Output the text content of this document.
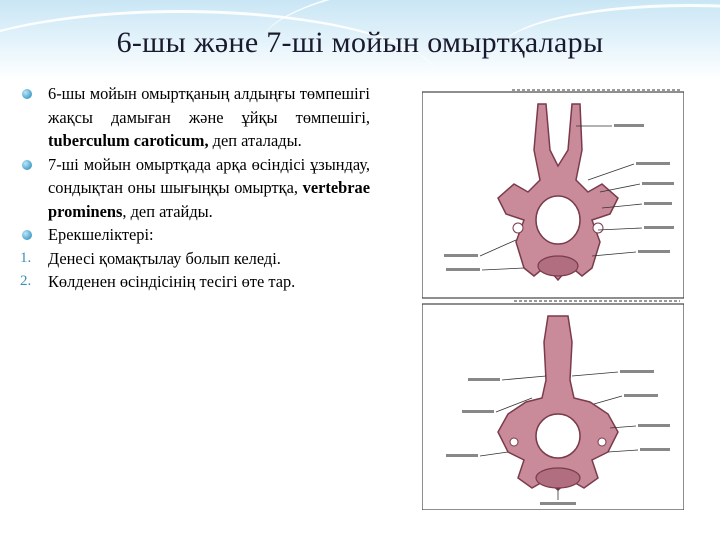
6-шы және 7-ші мойын омыртқалары
6-шы мойын омыртқаның алдыңғы төмпешігі жақсы дамыған және ұйқы төмпешігі, tuberculum caroticum, деп аталады.
7-ші мойын омыртқада арқа өсіндісі ұзындау, сондықтан оны шығыңқы омыртқа, vertebrae prominens, деп атайды.
Ерекшеліктері:
1.	Денесі қомақтылау болып келеді.
2.	Көлденен өсіндісінің тесігі өте тар.
